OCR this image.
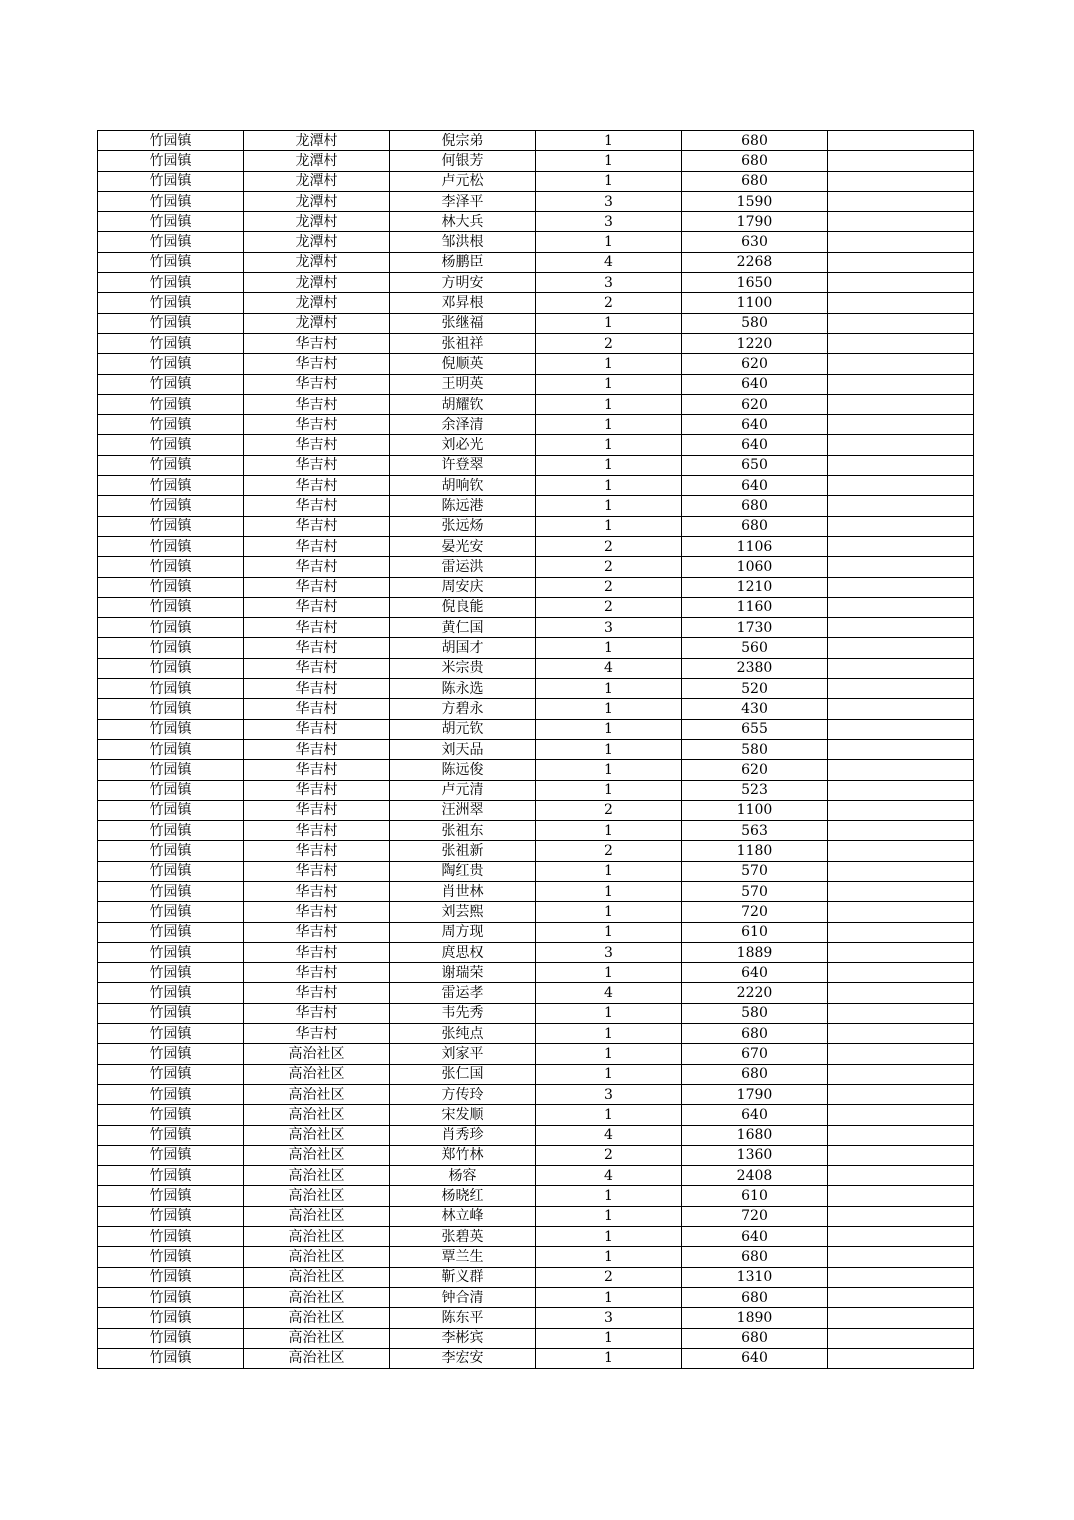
竹园镇	龙潭村	倪宗弟	1	680	
竹园镇	龙潭村	何银芳	1	680	
竹园镇	龙潭村	卢元松	1	680	
竹园镇	龙潭村	李泽平	3	1590	
竹园镇	龙潭村	林大兵	3	1790	
竹园镇	龙潭村	邹洪根	1	630	
竹园镇	龙潭村	杨鹏臣	4	2268	
竹园镇	龙潭村	方明安	3	1650	
竹园镇	龙潭村	邓昇根	2	1100	
竹园镇	龙潭村	张继福	1	580	
竹园镇	华吉村	张祖祥	2	1220	
竹园镇	华吉村	倪顺英	1	620	
竹园镇	华吉村	王明英	1	640	
竹园镇	华吉村	胡耀钦	1	620	
竹园镇	华吉村	余泽清	1	640	
竹园镇	华吉村	刘必光	1	640	
竹园镇	华吉村	许登翠	1	650	
竹园镇	华吉村	胡响钦	1	640	
竹园镇	华吉村	陈远港	1	680	
竹园镇	华吉村	张远炀	1	680	
竹园镇	华吉村	晏光安	2	1106	
竹园镇	华吉村	雷运洪	2	1060	
竹园镇	华吉村	周安庆	2	1210	
竹园镇	华吉村	倪良能	2	1160	
竹园镇	华吉村	黄仁国	3	1730	
竹园镇	华吉村	胡国才	1	560	
竹园镇	华吉村	米宗贵	4	2380	
竹园镇	华吉村	陈永选	1	520	
竹园镇	华吉村	方碧永	1	430	
竹园镇	华吉村	胡元钦	1	655	
竹园镇	华吉村	刘天品	1	580	
竹园镇	华吉村	陈远俊	1	620	
竹园镇	华吉村	卢元清	1	523	
竹园镇	华吉村	汪洲翠	2	1100	
竹园镇	华吉村	张祖东	1	563	
竹园镇	华吉村	张祖新	2	1180	
竹园镇	华吉村	陶红贵	1	570	
竹园镇	华吉村	肖世林	1	570	
竹园镇	华吉村	刘芸熙	1	720	
竹园镇	华吉村	周方现	1	610	
竹园镇	华吉村	庹思权	3	1889	
竹园镇	华吉村	谢瑞荣	1	640	
竹园镇	华吉村	雷运孝	4	2220	
竹园镇	华吉村	韦先秀	1	580	
竹园镇	华吉村	张纯点	1	680	
竹园镇	高治社区	刘家平	1	670	
竹园镇	高治社区	张仁国	1	680	
竹园镇	高治社区	方传玲	3	1790	
竹园镇	高治社区	宋发顺	1	640	
竹园镇	高治社区	肖秀珍	4	1680	
竹园镇	高治社区	郑竹林	2	1360	
竹园镇	高治社区	杨容	4	2408	
竹园镇	高治社区	杨晓红	1	610	
竹园镇	高治社区	林立峰	1	720	
竹园镇	高治社区	张碧英	1	640	
竹园镇	高治社区	覃兰生	1	680	
竹园镇	高治社区	靳义群	2	1310	
竹园镇	高治社区	钟合清	1	680	
竹园镇	高治社区	陈东平	3	1890	
竹园镇	高治社区	李彬宾	1	680	
竹园镇	高治社区	李宏安	1	640	
